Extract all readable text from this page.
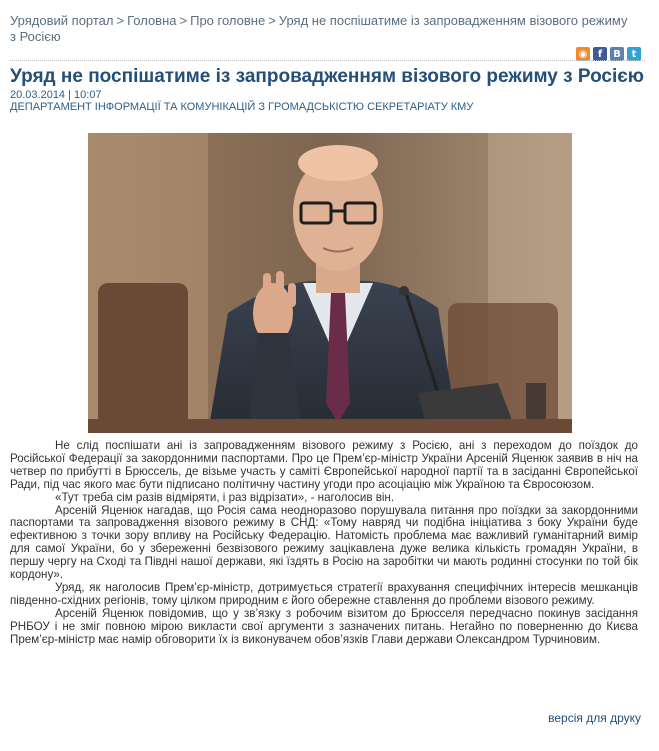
Урядовий портал > Головна > Про головне > Уряд не поспішатиме із запровадженням візового режиму з Росією
◉	f	В	t
Уряд не поспішатиме із запровадженням візового режиму з Росією
20.03.2014 | 10:07
ДЕПАРТАМЕНТ ІНФОРМАЦІЇ ТА КОМУНІКАЦІЙ З ГРОМАДСЬКІСТЮ СЕКРЕТАРІАТУ КМУ

Не слід поспішати ані із запровадженням візового режиму з Росією, ані з переходом до поїздок до Російської Федерації за закордонними паспортами. Про це Прем’єр-міністр України Арсеній Яценюк заявив в ніч на четвер по прибутті в Брюссель, де візьме участь у саміті Європейської народної партії та в засіданні Європейської Ради, під час якого має бути підписано політичну частину угоди про асоціацію між Україною та Євросоюзом.

«Тут треба сім разів відміряти, і раз відрізати», - наголосив він.

Арсеній Яценюк нагадав, що Росія сама неодноразово порушувала питання про поїздки за закордонними паспортами та запровадження візового режиму в СНД: «Тому навряд чи подібна ініціатива з боку України буде ефективною з точки зору впливу на Російську Федерацію. Натомість проблема має важливий гуманітарний вимір для самої України, бо у збереженні безвізового режиму зацікавлена дуже велика кількість громадян України, в першу чергу на Сході та Півдні нашої держави, які їздять в Росію на заробітки чи мають родинні стосунки по той бік кордону».

Уряд, як наголосив Прем’єр-міністр, дотримується стратегії врахування специфічних інтересів мешканців південно-східних регіонів, тому цілком природним є його обережне ставлення до проблеми візового режиму.

Арсеній Яценюк повідомив, що у зв’язку з робочим візитом до Брюсселя передчасно покинув засідання РНБОУ і не зміг повною мірою викласти свої аргументи з зазначених питань. Негайно по поверненню до Києва Прем’єр-міністр має намір обговорити їх із виконувачем обов’язків Глави держави Олександром Турчиновим.

версія для друку
